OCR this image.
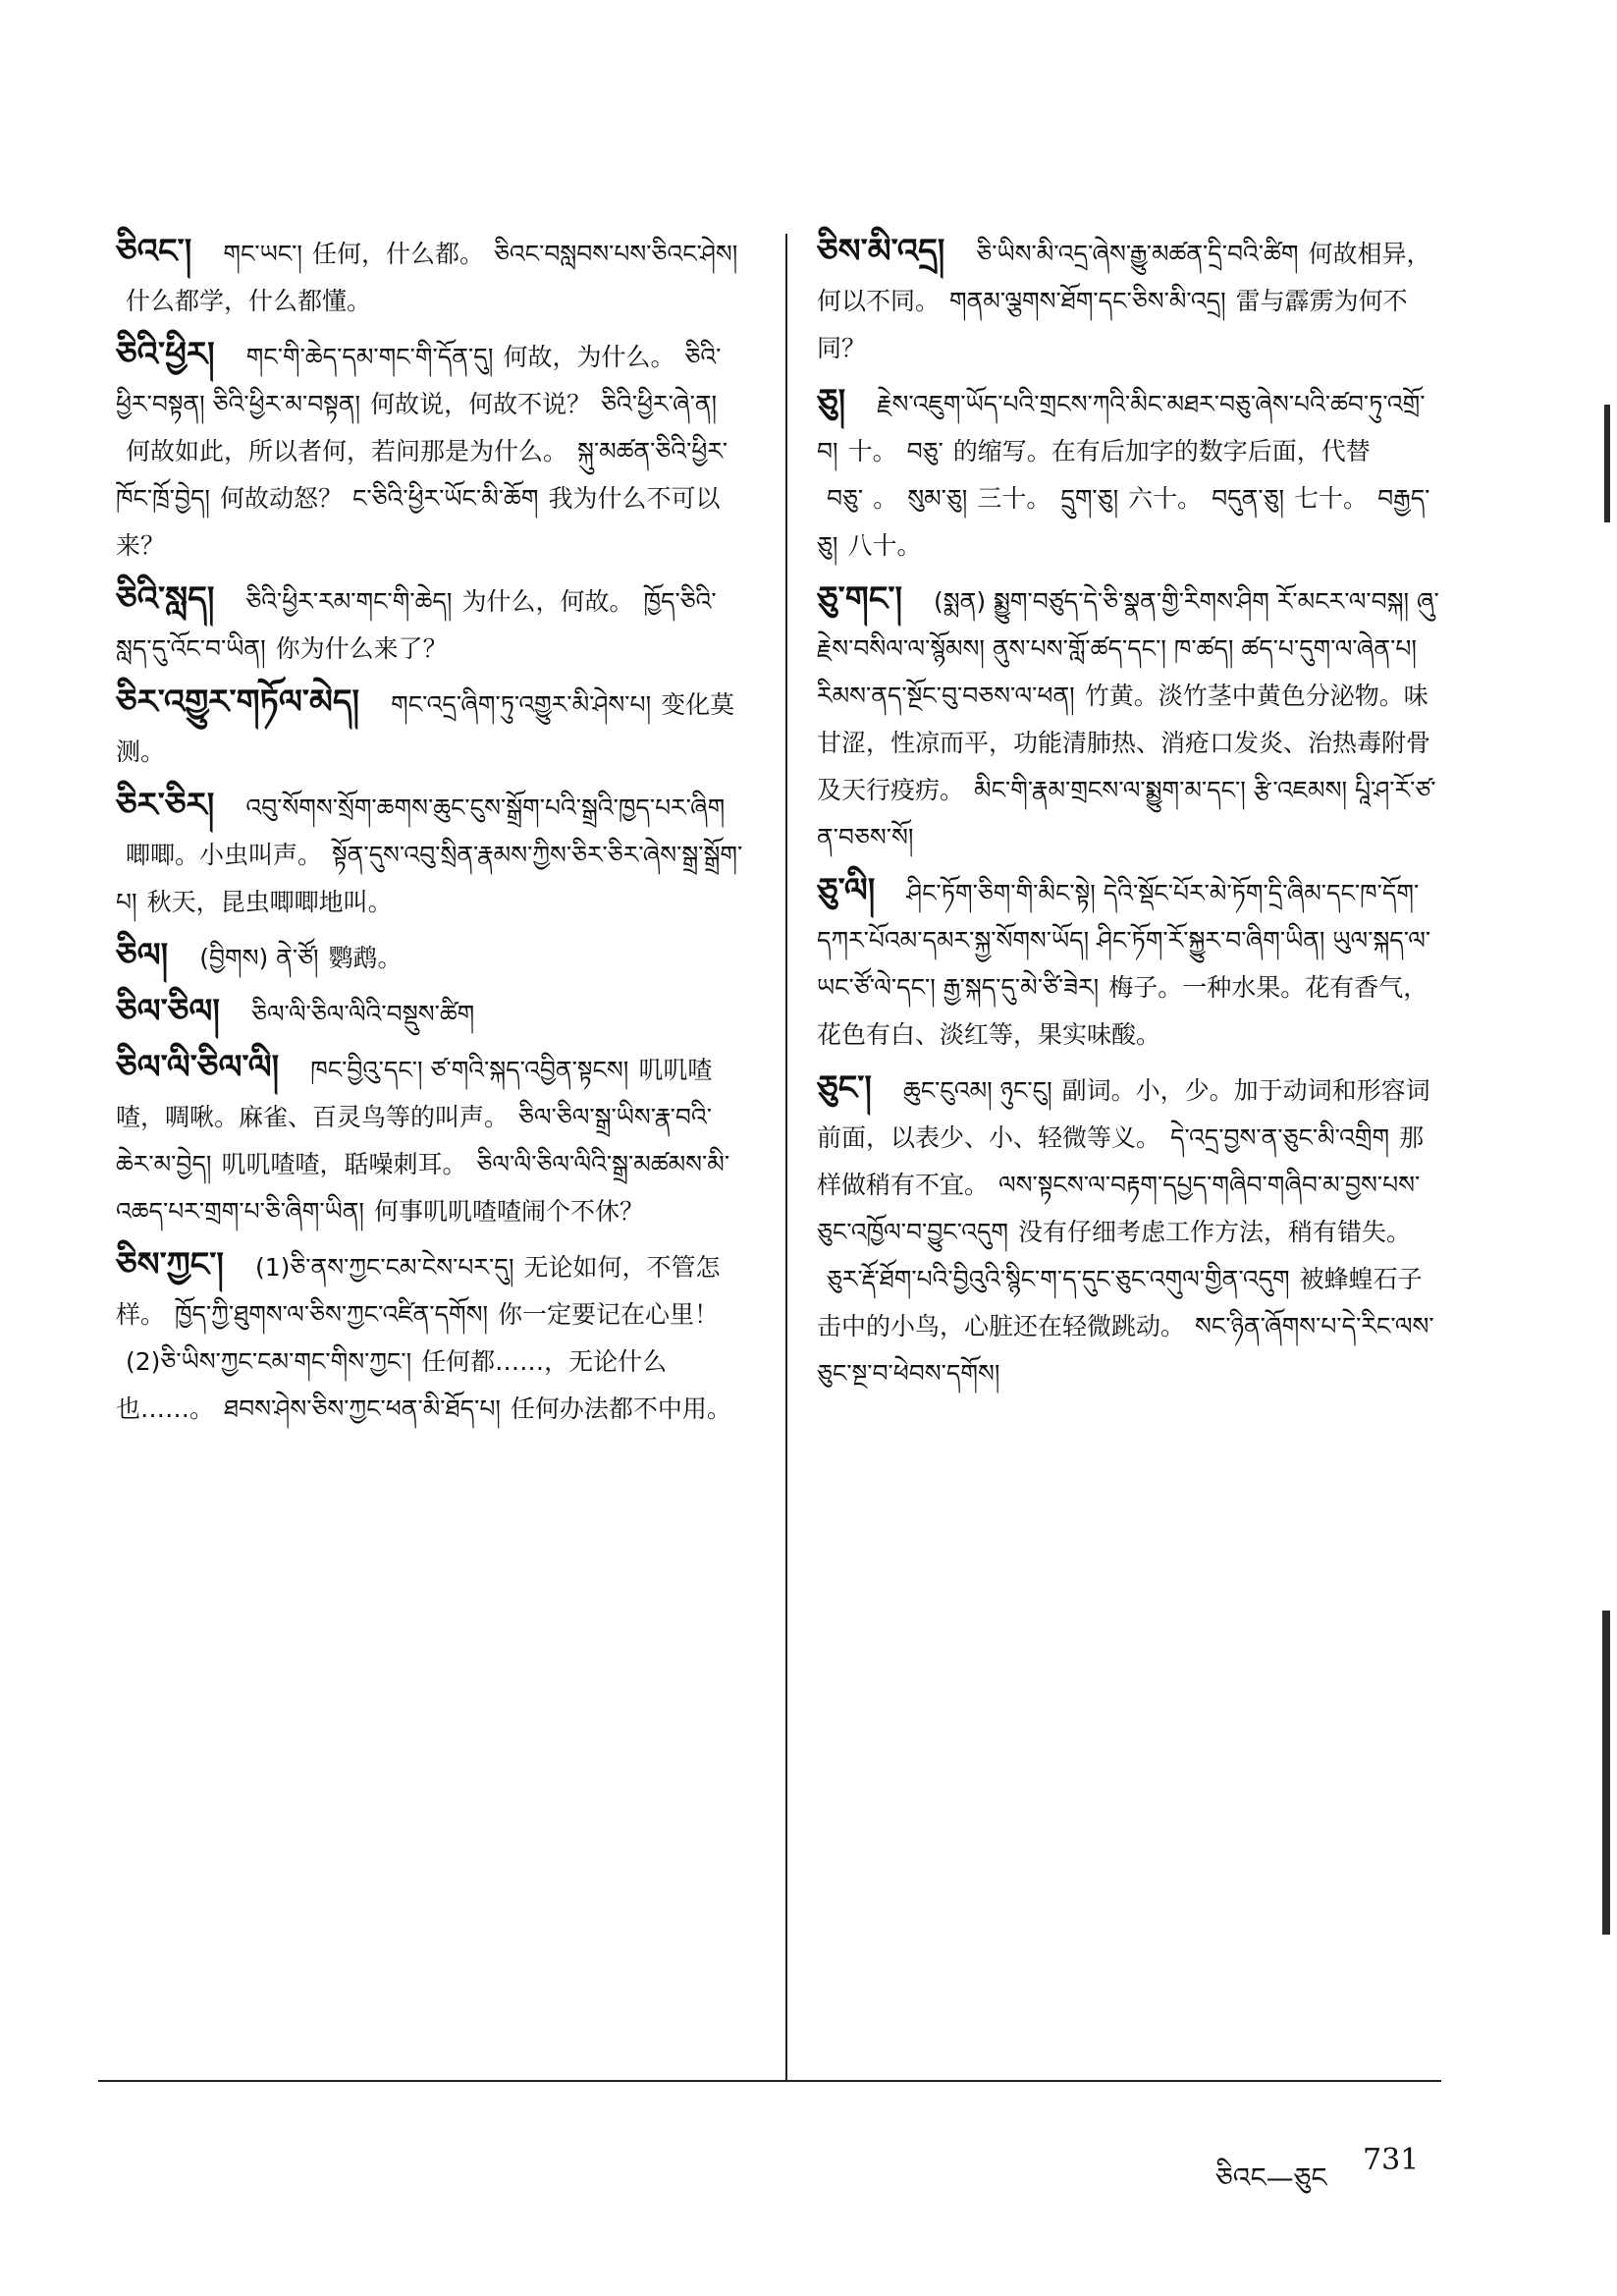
ཅིའང་། གང་ཡང་། 任何，什么都。 ཅིའང་བསླབས་པས་ཅིའང་ཤེས།什么都学，什么都懂。
ཅིའི་ཕྱིར། གང་གི་ཆེད་དམ་གང་གི་དོན་དུ། 何故，为什么。 ཅིའི་ཕྱིར་བསྟན། ཅིའི་ཕྱིར་མ་བསྟན། 何故说，何故不说？ ཅིའི་ཕྱིར་ཞེ་ན།何故如此，所以者何，若问那是为什么。 སྐུ་མཚན་ཅིའི་ཕྱིར་ཁོང་ཁྲོ་བྱེད། 何故动怒？ ང་ཅིའི་ཕྱིར་ཡོང་མི་ཆོག 我为什么不可以来？
ཅིའི་སླད། ཅིའི་ཕྱིར་རམ་གང་གི་ཆེད། 为什么，何故。 ཁྱོད་ཅིའི་སླད་དུ་འོང་བ་ཡིན། 你为什么来了？
ཅིར་འགྱུར་གཏོལ་མེད། གང་འདྲ་ཞིག་ཏུ་འགྱུར་མི་ཤེས་པ། 变化莫测。
ཅིར་ཅིར། འབུ་སོགས་སྲོག་ཆགས་ཆུང་ངུས་སྒྲོག་པའི་སྒྲའི་ཁྱད་པར་ཞིག唧唧。小虫叫声。 སྟོན་དུས་འབུ་སྲིན་རྣམས་ཀྱིས་ཅིར་ཅིར་ཞེས་སྒྲ་སྒྲོག་པ། 秋天，昆虫唧唧地叫。
ཅིལ། (བྱིགས) ནེ་ཙོ། 鹦鹉。
ཅིལ་ཅིལ། ཅིལ་ལི་ཅིལ་ལིའི་བསྡུས་ཚིག
ཅིལ་ལི་ཅིལ་ལི། ཁང་བྱིའུ་དང་། ཙ་གའི་སྐད་འབྱིན་སྟངས། 叽叽喳喳，啁啾。麻雀、百灵鸟等的叫声。 ཅིལ་ཅིལ་སྒྲ་ཡིས་རྣ་བའི་ཆེར་མ་བྱེད། 叽叽喳喳，聒噪刺耳。 ཅིལ་ལི་ཅིལ་ལིའི་སྒྲ་མཚམས་མི་འཆད་པར་གྲག་པ་ཅི་ཞིག་ཡིན། 何事叽叽喳喳闹个不休？
ཅིས་ཀྱང་། (1)ཅི་ནས་ཀྱང་ངམ་ངེས་པར་དུ། 无论如何，不管怎样。 ཁྱོད་ཀྱི་ཐུགས་ལ་ཅིས་ཀྱང་འཛིན་དགོས། 你一定要记在心里！(2)ཅི་ཡིས་ཀྱང་ངམ་གང་གིས་ཀྱང་། 任何都……，无论什么也……。 ཐབས་ཤེས་ཅིས་ཀྱང་ཕན་མི་ཐོད་པ། 任何办法都不中用。
ཅིས་མི་འདྲ། ཅི་ཡིས་མི་འདྲ་ཞེས་རྒྱུ་མཚན་དྲི་བའི་ཚིག 何故相异，何以不同。 གནམ་ལྕགས་ཐོག་དང་ཅིས་མི་འདྲ། 雷与霹雳为何不同？
ཅུ། རྗེས་འཇུག་ཡོད་པའི་གྲངས་ཀའི་མིང་མཐར་བཅུ་ཞེས་པའི་ཚབ་ཏུ་འགྲོ་བ། 十。 བཅུ་ 的缩写。在有后加字的数字后面，代替བཅུ་ 。 སུམ་ཅུ། 三十。 དྲུག་ཅུ། 六十。 བདུན་ཅུ། 七十。 བརྒྱད་ཅུ། 八十。
ཅུ་གང་། (སྨན) སྨྱུག་བཙུད་དེ་ཅི་སྣན་གྱི་རིགས་ཤིག རོ་མངར་ལ་བསྐ། ཞུ་རྗེས་བསིལ་ལ་སྙོམས། ནུས་པས་གློ་ཚད་དང་། ཁ་ཚད། ཚད་པ་དུག་ལ་ཞེན་པ། རིམས་ནད་སྔོང་བུ་བཅས་ལ་ཕན། 竹黄。淡竹茎中黄色分泌物。味甘涩，性凉而平，功能清肺热、消疮口发炎、治热毒附骨及天行疫疠。 མིང་གི་རྣམ་གྲངས་ལ་སྨྱུག་མ་དང་། རྩི་འཇམས། པཱི་ཤ་རོ་ཙ་ན་བཅས་སོ།
ཅུ་ལི། ཤིང་ཏོག་ཅིག་གི་མིང་སྟེ། དེའི་སྡོང་པོར་མེ་ཏོག་དྲི་ཞིམ་དང་ཁ་དོག་དཀར་པོའམ་དམར་སྐྱ་སོགས་ཡོད། ཤིང་ཏོག་རོ་སྐྱུར་བ་ཞིག་ཡིན། ཡུལ་སྐད་ལ་ཡང་ཙོ་ལེ་དང་། རྒྱ་སྐད་དུ་མེ་ཙི་ཟེར། 梅子。一种水果。花有香气，花色有白、淡红等，果实味酸。
ཅུང་། ཆུང་ངུའམ། ཉུང་ངུ། 副词。小，少。加于动词和形容词前面，以表少、小、轻微等义。 དེ་འདྲ་བྱས་ན་ཅུང་མི་འགྲིག 那样做稍有不宜。 ལས་སྟངས་ལ་བརྟག་དཔྱད་གཞིབ་གཞིབ་མ་བྱས་པས་ཅུང་འཁྱོལ་བ་བྱུང་འདུག 没有仔细考虑工作方法，稍有错失。ཅུར་རྡོ་ཐོག་པའི་བྱིའུའི་སྙིང་ག་ད་དུང་ཅུང་འགུལ་གྱིན་འདུག 被蜂蝗石子击中的小鸟，心脏还在轻微跳动。 སང་ཉིན་ཞོགས་པ་དེ་རིང་ལས་ཅུང་སྔ་བ་ཕེབས་དགོས།
ཅིའང—ཅུང
731
